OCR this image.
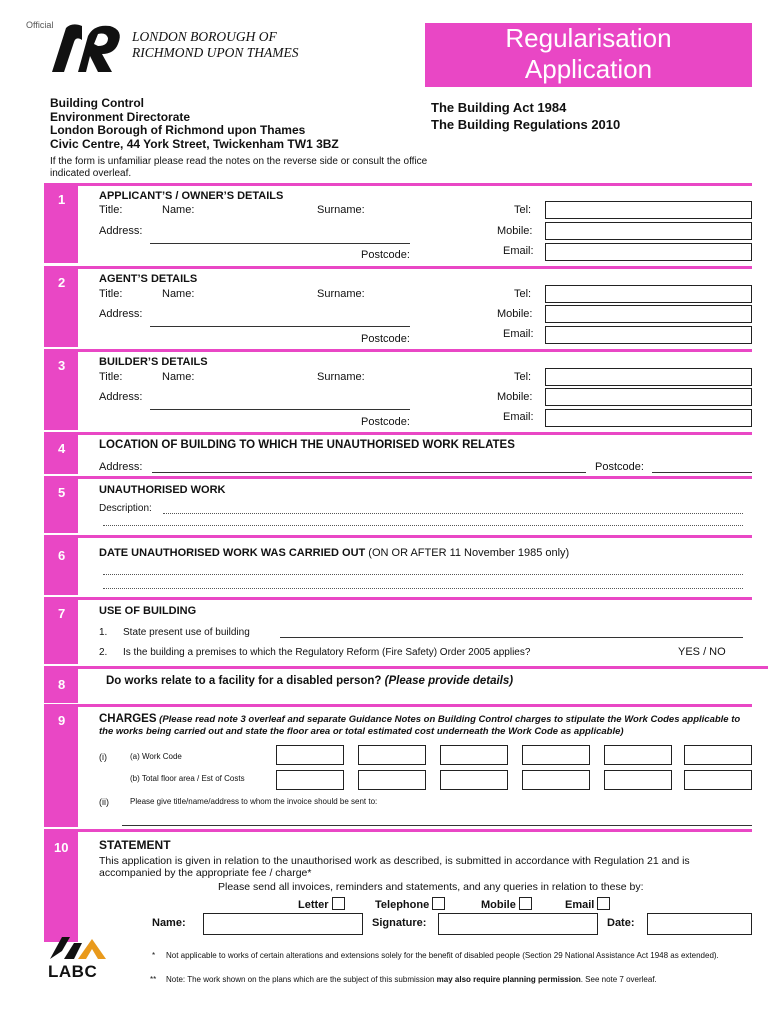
Official
LONDON BOROUGH OF
RICHMOND UPON THAMES	Regularisation
Application
Building Control
Environment Directorate
London Borough of Richmond upon Thames
Civic Centre, 44 York Street, Twickenham TW1 3BZ
The Building Act 1984
The Building Regulations 2010
If the form is unfamiliar please read the notes on the reverse side or consult the office indicated overleaf.
1	APPLICANT’S / OWNER’S DETAILS
Title:	Name:	Surname:
Address:
Postcode:
Tel:
Mobile:
Email:
2	AGENT’S DETAILS
Title:	Name:	Surname:
Address:
Postcode:
Tel:
Mobile:
Email:
3	BUILDER’S DETAILS
Title:	Name:	Surname:
Address:
Postcode:
Tel:
Mobile:
Email:
4	LOCATION OF BUILDING TO WHICH THE UNAUTHORISED WORK RELATES
Address:	Postcode:
5	UNAUTHORISED WORK
Description:
6	DATE UNAUTHORISED WORK WAS CARRIED OUT (ON OR AFTER 11 November 1985 only)
7	USE OF BUILDING
1. State present use of building
2. Is the building a premises to which the Regulatory Reform (Fire Safety) Order 2005 applies?	YES / NO
8	Do works relate to a facility for a disabled person? (Please provide details)
9	CHARGES (Please read note 3 overleaf and separate Guidance Notes on Building Control charges to stipulate the Work Codes applicable to the works being carried out and state the floor area or total estimated cost underneath the Work Code as applicable)
(i)	(a) Work Code
(b) Total floor area / Est of Costs
(ii)	Please give title/name/address to whom the invoice should be sent to:
10	STATEMENT
This application is given in relation to the unauthorised work as described, is submitted in accordance with Regulation 21 and is accompanied by the appropriate fee / charge*
Please send all invoices, reminders and statements, and any queries in relation to these by:
Letter	Telephone	Mobile	Email
Name:	Signature:	Date:
LABC
* Not applicable to works of certain alterations and extensions solely for the benefit of disabled people (Section 29 National Assistance Act 1948 as extended).
** Note: The work shown on the plans which are the subject of this submission may also require planning permission. See note 7 overleaf.
